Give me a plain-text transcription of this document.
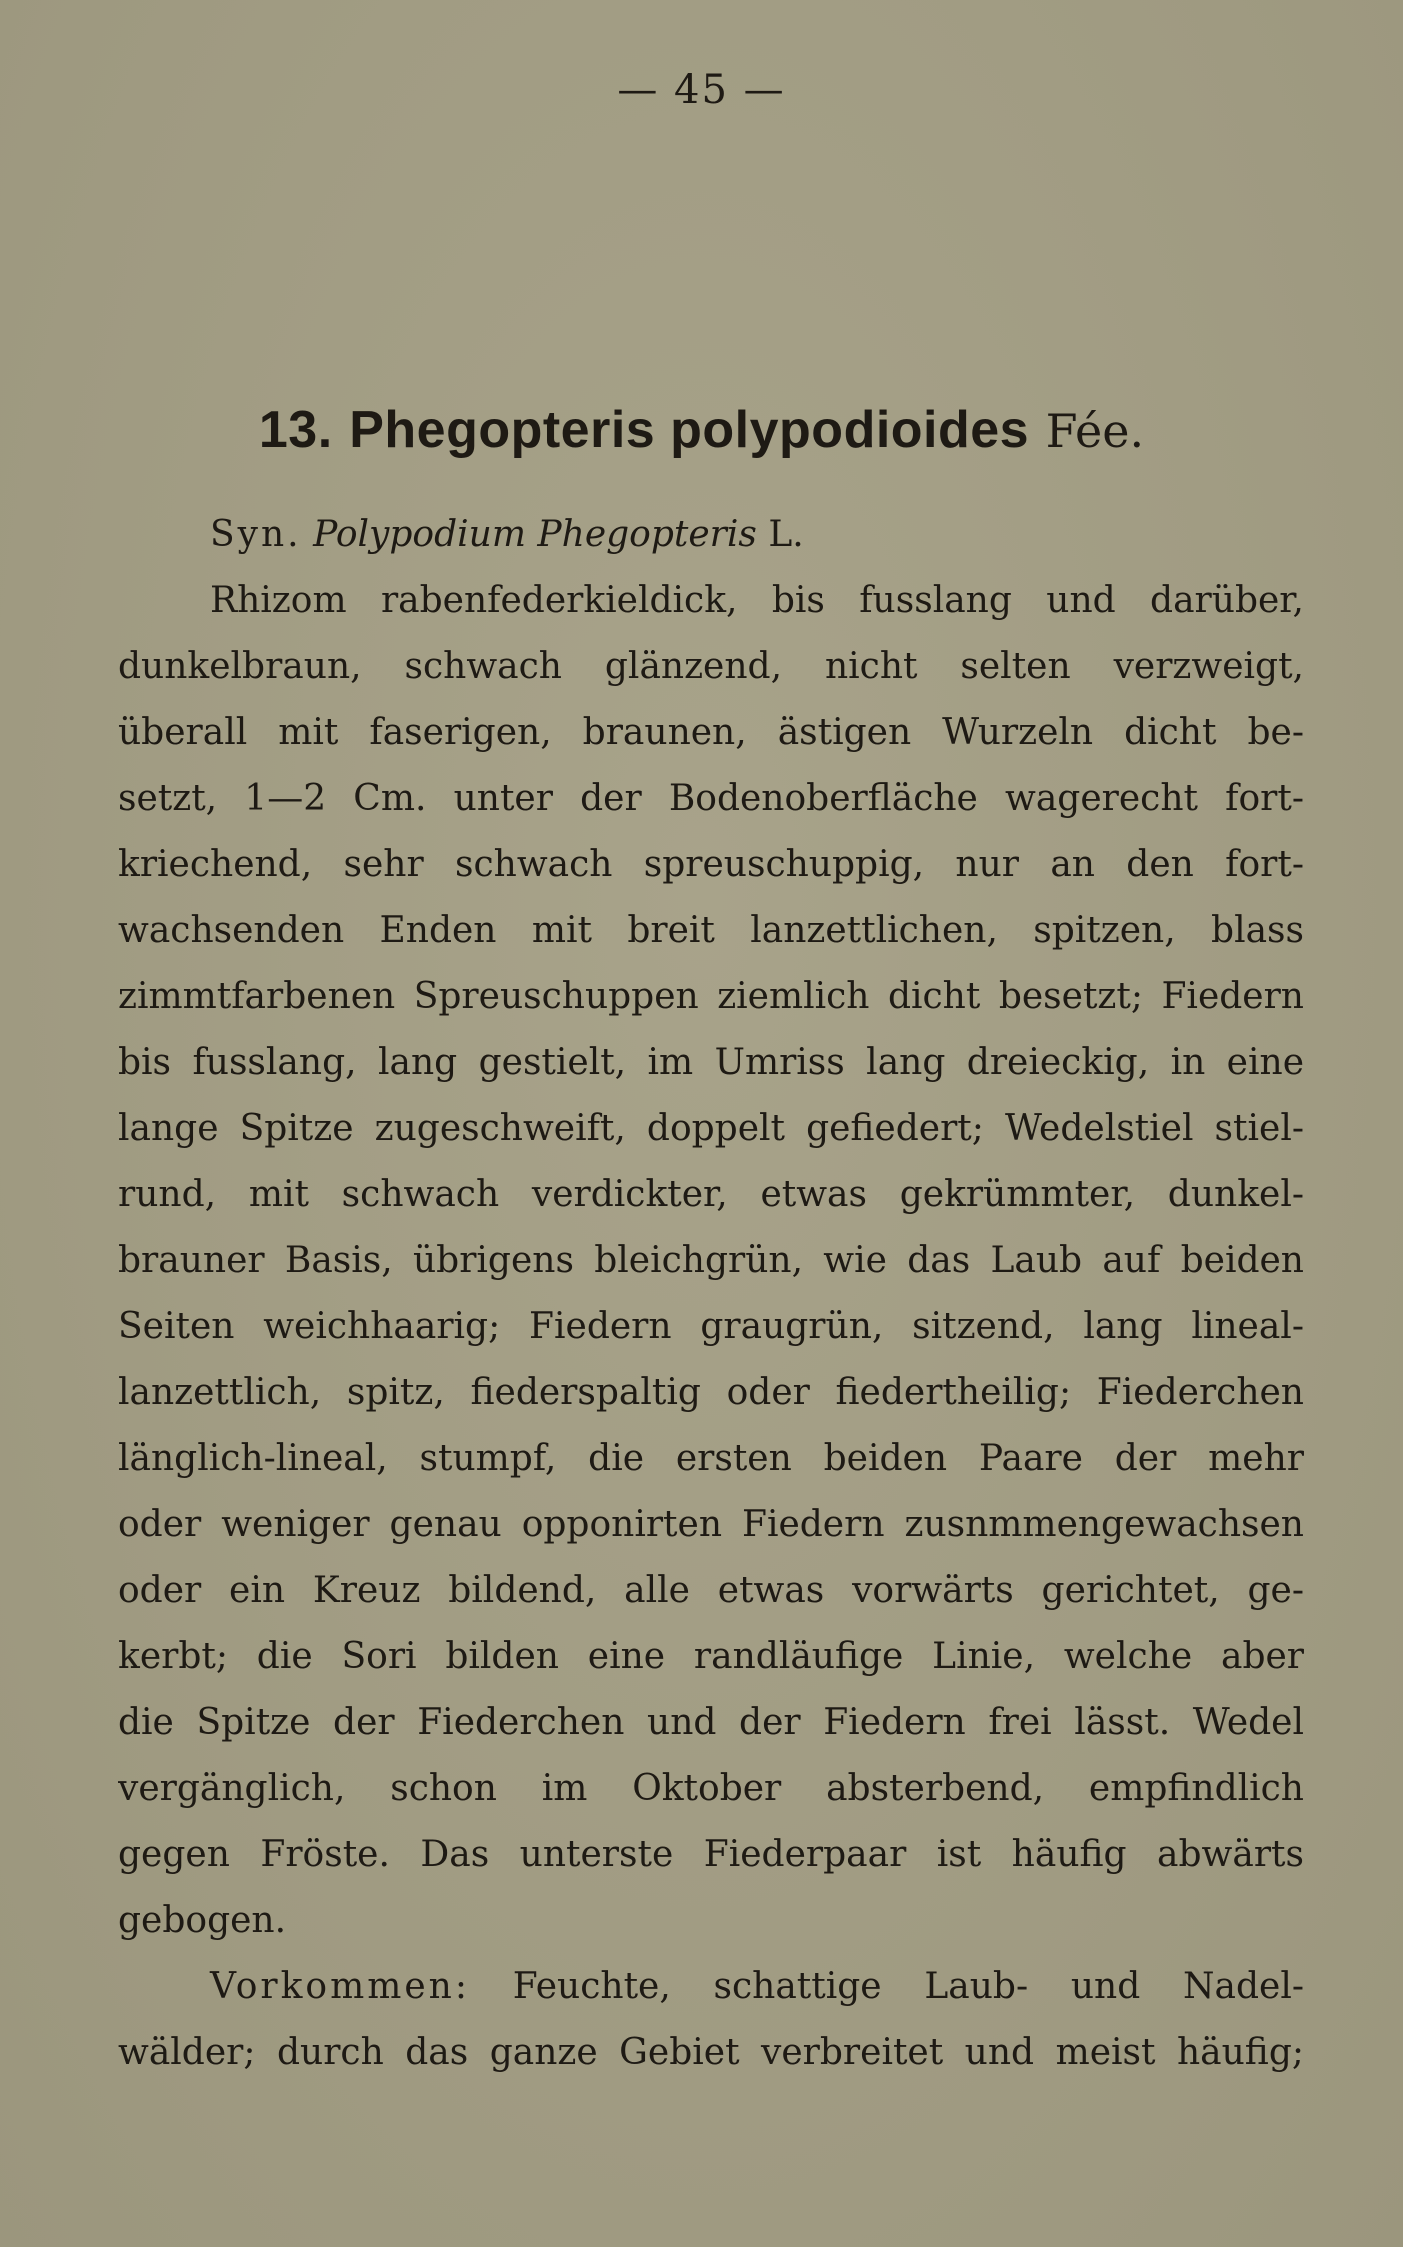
— 45 —
13. Phegopteris polypodioides Fée.
Syn. Polypodium Phegopteris L.
Rhizom rabenfederkieldick, bis fusslang und darüber,
dunkelbraun, schwach glänzend, nicht selten verzweigt,
überall mit faserigen, braunen, ästigen Wurzeln dicht be-
setzt, 1—2 Cm. unter der Bodenoberfläche wagerecht fort-
kriechend, sehr schwach spreuschuppig, nur an den fort-
wachsenden Enden mit breit lanzettlichen, spitzen, blass
zimmtfarbenen Spreuschuppen ziemlich dicht besetzt; Fiedern
bis fusslang, lang gestielt, im Umriss lang dreieckig, in eine
lange Spitze zugeschweift, doppelt gefiedert; Wedelstiel stiel-
rund, mit schwach verdickter, etwas gekrümmter, dunkel-
brauner Basis, übrigens bleichgrün, wie das Laub auf beiden
Seiten weichhaarig; Fiedern graugrün, sitzend, lang lineal-
lanzettlich, spitz, fiederspaltig oder fiedertheilig; Fiederchen
länglich-lineal, stumpf, die ersten beiden Paare der mehr
oder weniger genau opponirten Fiedern zusnmmengewachsen
oder ein Kreuz bildend, alle etwas vorwärts gerichtet, ge-
kerbt; die Sori bilden eine randläufige Linie, welche aber
die Spitze der Fiederchen und der Fiedern frei lässt. Wedel
vergänglich, schon im Oktober absterbend, empfindlich
gegen Fröste. Das unterste Fiederpaar ist häufig abwärts
gebogen.
Vorkommen: Feuchte, schattige Laub- und Nadel-
wälder; durch das ganze Gebiet verbreitet und meist häufig;
